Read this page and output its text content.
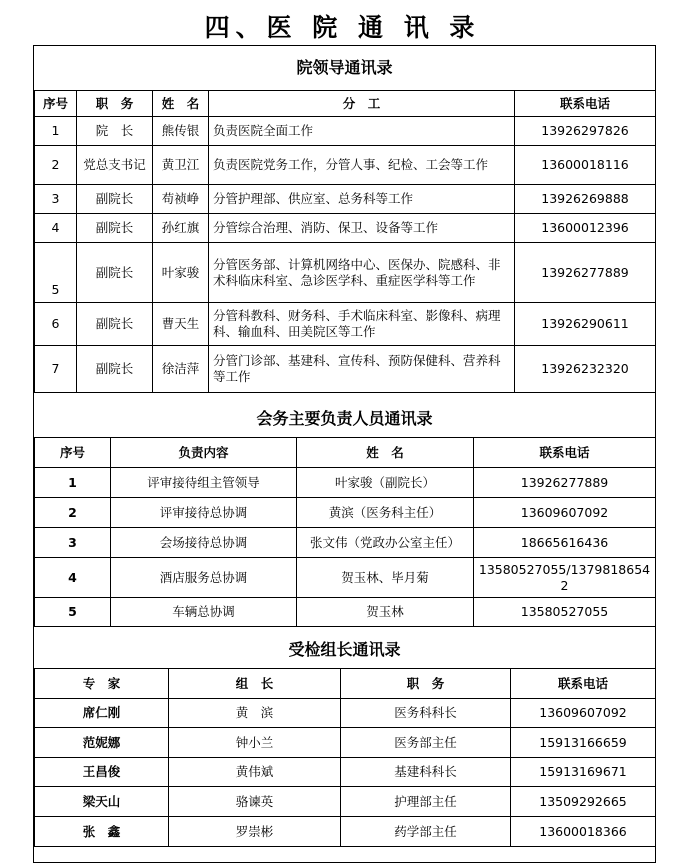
四、医 院 通 讯 录
院领导通讯录
序号	职　务	姓　名	分　工	联系电话
1	院　长	熊传银	负责医院全面工作	13926297826
2	党总支书记	黄卫江	负责医院党务工作，分管人事、纪检、工会等工作	13600018116
3	副院长	苟祯峥	分管护理部、供应室、总务科等工作	13926269888
4	副院长	孙红旗	分管综合治理、消防、保卫、设备等工作	13600012396
5	副院长	叶家骏	分管医务部、计算机网络中心、医保办、院感科、非术科临床科室、急诊医学科、重症医学科等工作	13926277889
6	副院长	曹天生	分管科教科、财务科、手术临床科室、影像科、病理科、输血科、田美院区等工作	13926290611
7	副院长	徐洁萍	分管门诊部、基建科、宣传科、预防保健科、营养科等工作	13926232320
会务主要负责人员通讯录
序号	负责内容	姓　名	联系电话
1	评审接待组主管领导	叶家骏（副院长）	13926277889
2	评审接待总协调	黄滨（医务科主任）	13609607092
3	会场接待总协调	张文伟（党政办公室主任）	18665616436
4	酒店服务总协调	贺玉林、毕月菊	13580527055/13798186542
5	车辆总协调	贺玉林	13580527055
受检组长通讯录
专　家	组　长	职　务	联系电话
席仁刚	黄　滨	医务科科长	13609607092
范妮娜	钟小兰	医务部主任	15913166659
王昌俊	黄伟斌	基建科科长	15913169671
梁天山	骆谏英	护理部主任	13509292665
张　鑫	罗崇彬	药学部主任	13600018366
